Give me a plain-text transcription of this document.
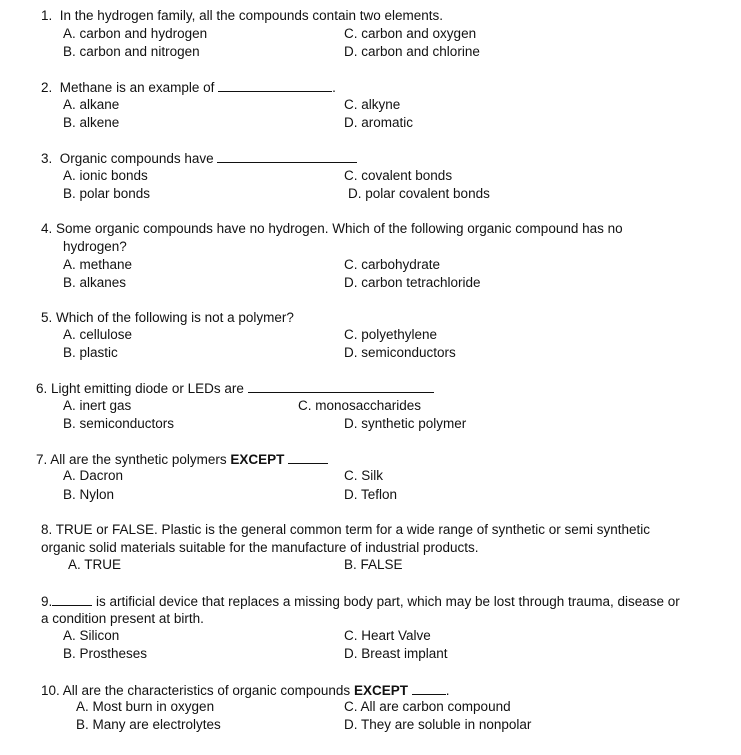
1. In the hydrogen family, all the compounds contain two elements.
A. carbon and hydrogen
B. carbon and nitrogen
C. carbon and oxygen
D. carbon and chlorine
2. Methane is an example of	.
A. alkane
B. alkene
C. alkyne
D. aromatic
3. Organic compounds have
A. ionic bonds
B. polar bonds
C. covalent bonds
D. polar covalent bonds
4. Some organic compounds have no hydrogen. Which of the following organic compound has no
hydrogen?
A. methane
B. alkanes
C. carbohydrate
D. carbon tetrachloride
5. Which of the following is not a polymer?
A. cellulose
B. plastic
C. polyethylene
D. semiconductors
6. Light emitting diode or LEDs are
A. inert gas
B. semiconductors
C. monosaccharides
D. synthetic polymer
7. All are the synthetic polymers EXCEPT
A. Dacron
B. Nylon
C. Silk
D. Teflon
8. TRUE or FALSE. Plastic is the general common term for a wide range of synthetic or semi synthetic
organic solid materials suitable for the manufacture of industrial products.
A. TRUE	B. FALSE
9.	is artificial device that replaces a missing body part, which may be lost through trauma, disease or
a condition present at birth.
A. Silicon
B. Prostheses
C. Heart Valve
D. Breast implant
10. All are the characteristics of organic compounds EXCEPT	.
A. Most burn in oxygen
B. Many are electrolytes
C. All are carbon compound
D. They are soluble in nonpolar
